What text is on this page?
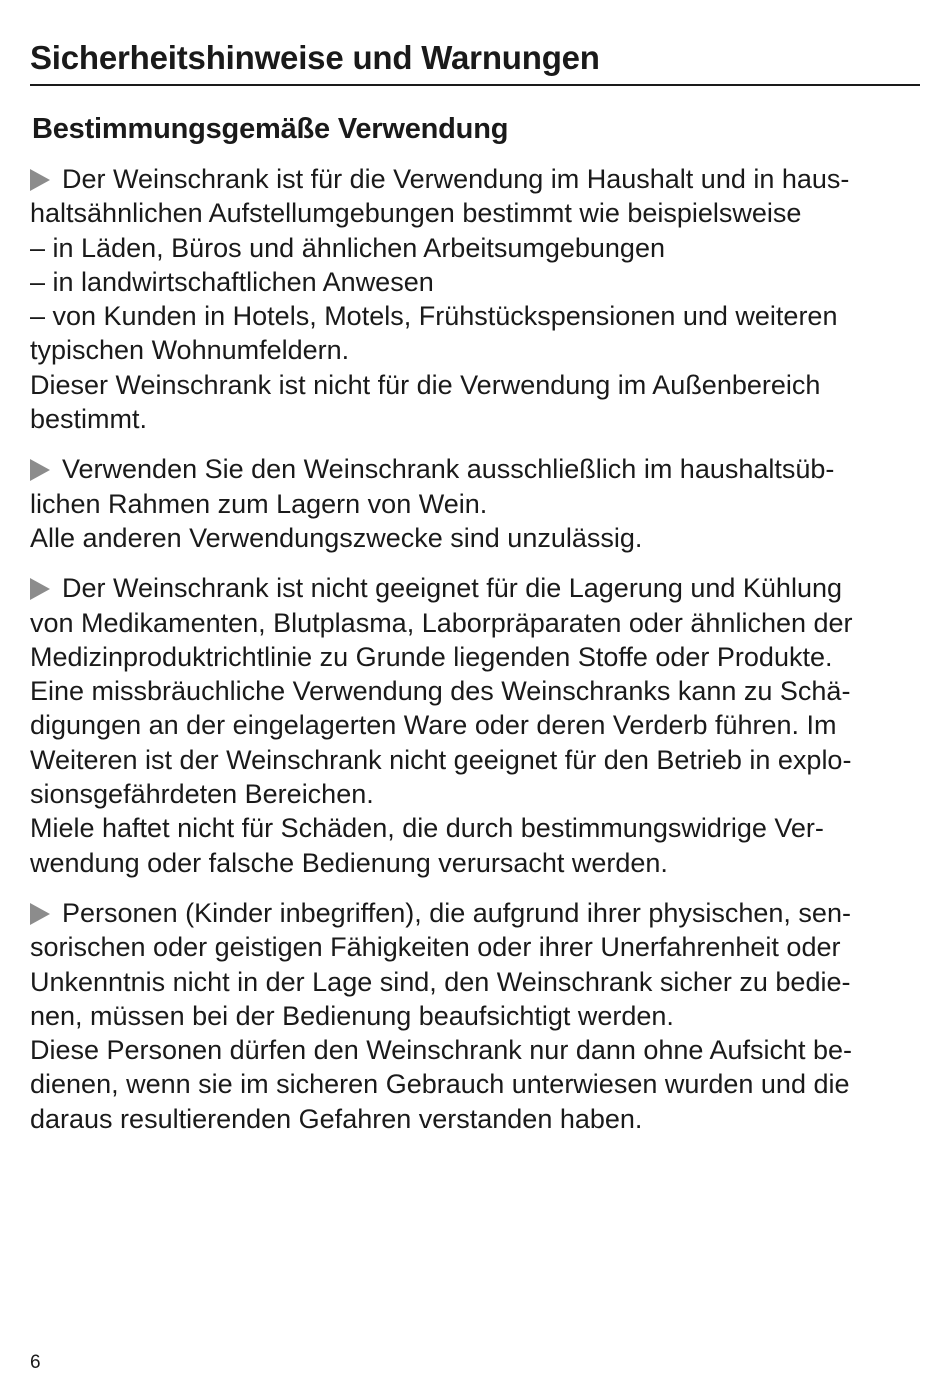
Sicherheitshinweise und Warnungen
Bestimmungsgemäße Verwendung

Der Weinschrank ist für die Verwendung im Haushalt und in haus-
haltsähnlichen Aufstellumgebungen bestimmt wie beispielsweise
– in Läden, Büros und ähnlichen Arbeitsumgebungen
– in landwirtschaftlichen Anwesen
– von Kunden in Hotels, Motels, Frühstückspensionen und weiteren
typischen Wohnumfeldern.
Dieser Weinschrank ist nicht für die Verwendung im Außenbereich
bestimmt.

Verwenden Sie den Weinschrank ausschließlich im haushaltsüb-
lichen Rahmen zum Lagern von Wein.
Alle anderen Verwendungszwecke sind unzulässig.

Der Weinschrank ist nicht geeignet für die Lagerung und Kühlung
von Medikamenten, Blutplasma, Laborpräparaten oder ähnlichen der
Medizinproduktrichtlinie zu Grunde liegenden Stoffe oder Produkte.
Eine missbräuchliche Verwendung des Weinschranks kann zu Schä-
digungen an der eingelagerten Ware oder deren Verderb führen. Im
Weiteren ist der Weinschrank nicht geeignet für den Betrieb in explo-
sionsgefährdeten Bereichen.
Miele haftet nicht für Schäden, die durch bestimmungswidrige Ver-
wendung oder falsche Bedienung verursacht werden.

Personen (Kinder inbegriffen), die aufgrund ihrer physischen, sen-
sorischen oder geistigen Fähigkeiten oder ihrer Unerfahrenheit oder
Unkenntnis nicht in der Lage sind, den Weinschrank sicher zu bedie-
nen, müssen bei der Bedienung beaufsichtigt werden.
Diese Personen dürfen den Weinschrank nur dann ohne Aufsicht be-
dienen, wenn sie im sicheren Gebrauch unterwiesen wurden und die
daraus resultierenden Gefahren verstanden haben.

6
